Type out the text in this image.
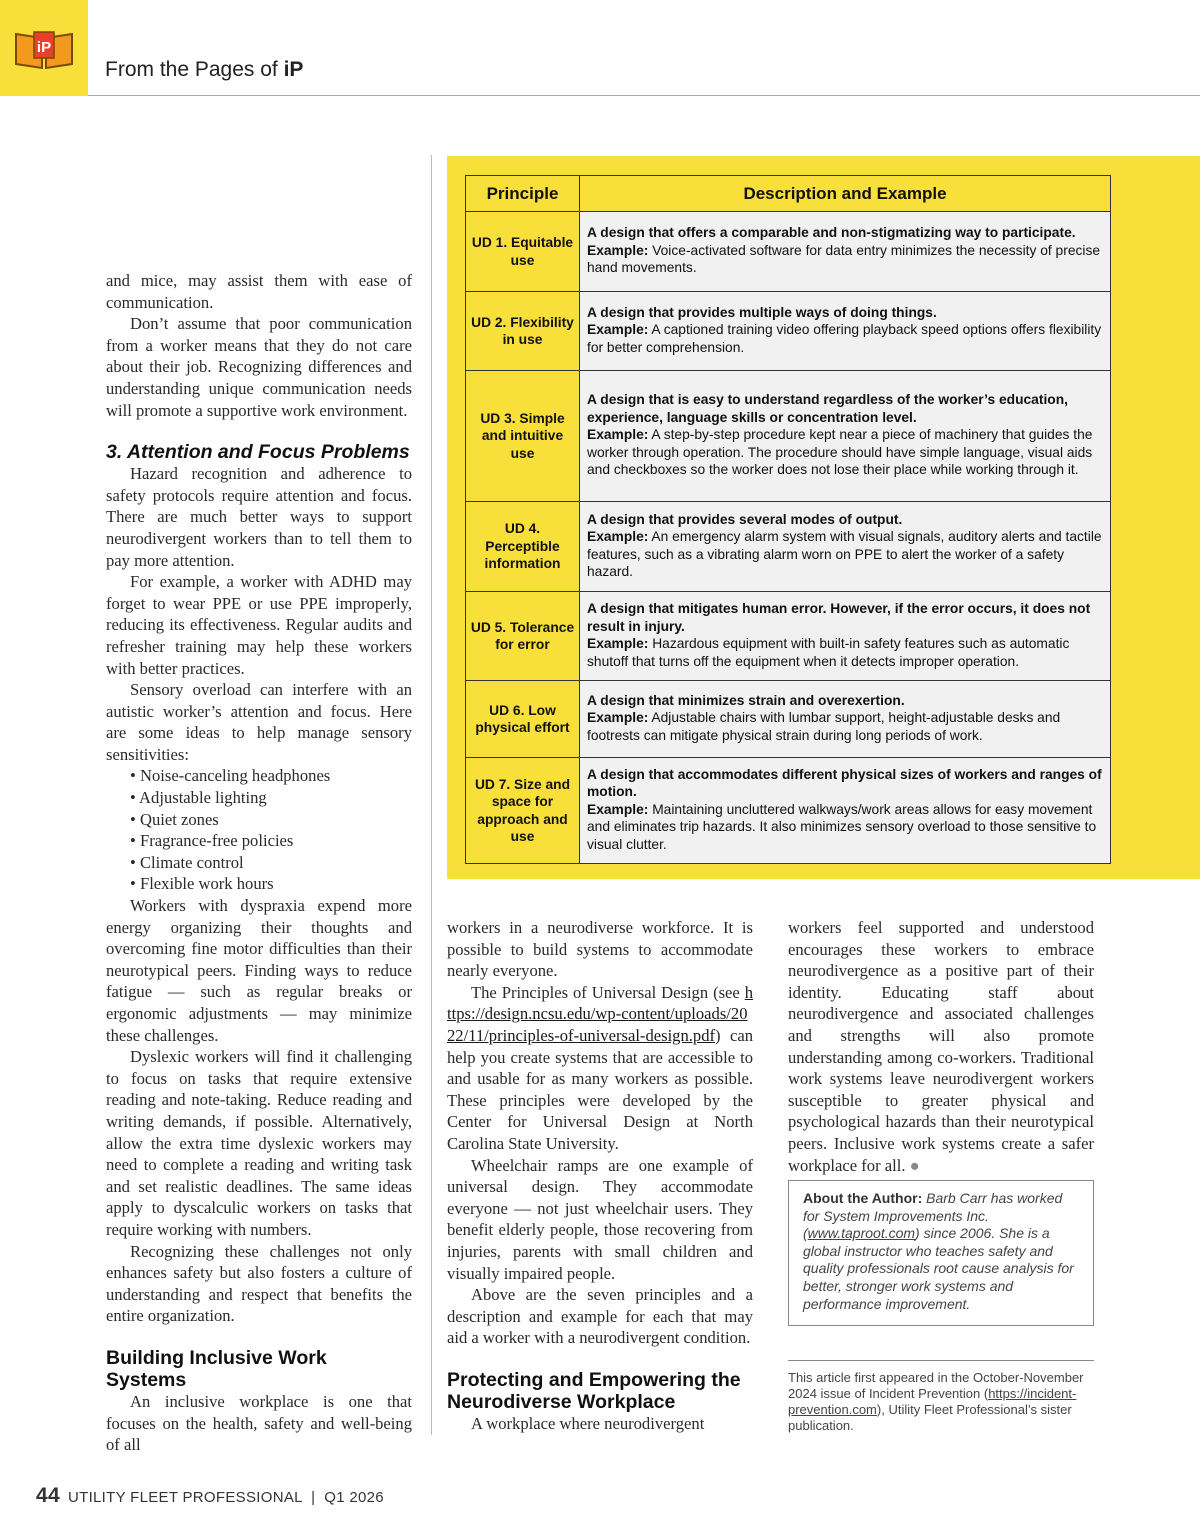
iP
From the Pages of iP

and mice, may assist them with ease of communication.

Don’t assume that poor communication from a worker means that they do not care about their job. Recognizing differences and understanding unique communication needs will promote a supportive work environment.

3. Attention and Focus Problems

Hazard recognition and adherence to safety protocols require attention and focus. There are much better ways to support neurodivergent workers than to tell them to pay more attention.

For example, a worker with ADHD may forget to wear PPE or use PPE improperly, reducing its effectiveness. Regular audits and refresher training may help these workers with better practices.

Sensory overload can interfere with an autistic worker’s attention and focus. Here are some ideas to help manage sensory sensitivities:

• Noise-canceling headphones
• Adjustable lighting
• Quiet zones
• Fragrance-free policies
• Climate control
• Flexible work hours

Workers with dyspraxia expend more energy organizing their thoughts and overcoming fine motor difficulties than their neurotypical peers. Finding ways to reduce fatigue — such as regular breaks or ergonomic adjustments — may minimize these challenges.

Dyslexic workers will find it challenging to focus on tasks that require extensive reading and note-taking. Reduce reading and writing demands, if possible. Alternatively, allow the extra time dyslexic workers may need to complete a reading and writing task and set realistic deadlines. The same ideas apply to dyscalculic workers on tasks that require working with numbers.

Recognizing these challenges not only enhances safety but also fosters a culture of understanding and respect that benefits the entire organization.

Building Inclusive Work Systems

An inclusive workplace is one that focuses on the health, safety and well-being of all

Principle	Description and Example
UD 1. Equitable use	A design that offers a comparable and non-stigmatizing way to participate.
Example: Voice-activated software for data entry minimizes the necessity of precise hand movements.

UD 2. Flexibility in use	A design that provides multiple ways of doing things.
Example: A captioned training video offering playback speed options offers flexibility for better comprehension.

UD 3. Simple and intuitive use	A design that is easy to understand regardless of the worker’s education, experience, language skills or concentration level.
Example: A step-by-step procedure kept near a piece of machinery that guides the worker through operation. The procedure should have simple language, visual aids and checkboxes so the worker does not lose their place while working through it.

UD 4. Perceptible information	A design that provides several modes of output.
Example: An emergency alarm system with visual signals, auditory alerts and tactile features, such as a vibrating alarm worn on PPE to alert the worker of a safety hazard.

UD 5. Tolerance for error	A design that mitigates human error. However, if the error occurs, it does not result in injury.
Example: Hazardous equipment with built-in safety features such as automatic shutoff that turns off the equipment when it detects improper operation.

UD 6. Low physical effort	A design that minimizes strain and overexertion.
Example: Adjustable chairs with lumbar support, height-adjustable desks and footrests can mitigate physical strain during long periods of work.

UD 7. Size and space for approach and use	A design that accommodates different physical sizes of workers and ranges of motion.
Example: Maintaining uncluttered walkways/work areas allows for easy movement and eliminates trip hazards. It also minimizes sensory overload to those sensitive to visual clutter.

workers in a neurodiverse workforce. It is possible to build systems to accommodate nearly everyone.

The Principles of Universal Design (see https://design.ncsu.edu/wp-content/uploads/2022/11/principles-of-universal-design.pdf) can help you create systems that are accessible to and usable for as many workers as possible. These principles were developed by the Center for Universal Design at North Carolina State University.

Wheelchair ramps are one example of universal design. They accommodate everyone — not just wheelchair users. They benefit elderly people, those recovering from injuries, parents with small children and visually impaired people.

Above are the seven principles and a description and example for each that may aid a worker with a neurodivergent condition.

Protecting and Empowering the Neurodiverse Workplace

A workplace where neurodivergent

workers feel supported and understood encourages these workers to embrace neurodivergence as a positive part of their identity. Educating staff about neurodivergence and associated challenges and strengths will also promote understanding among co-workers. Traditional work systems leave neurodivergent workers susceptible to greater physical and psychological hazards than their neurotypical peers. Inclusive work systems create a safer workplace for all. ●

About the Author: Barb Carr has worked for System Improvements Inc. (www.taproot.com) since 2006. She is a global instructor who teaches safety and quality professionals root cause analysis for better, stronger work systems and performance improvement.
This article first appeared in the October-November 2024 issue of Incident Prevention (https://incident-prevention.com), Utility Fleet Professional’s sister publication.
44 UTILITY FLEET PROFESSIONAL  |  Q1 2026
